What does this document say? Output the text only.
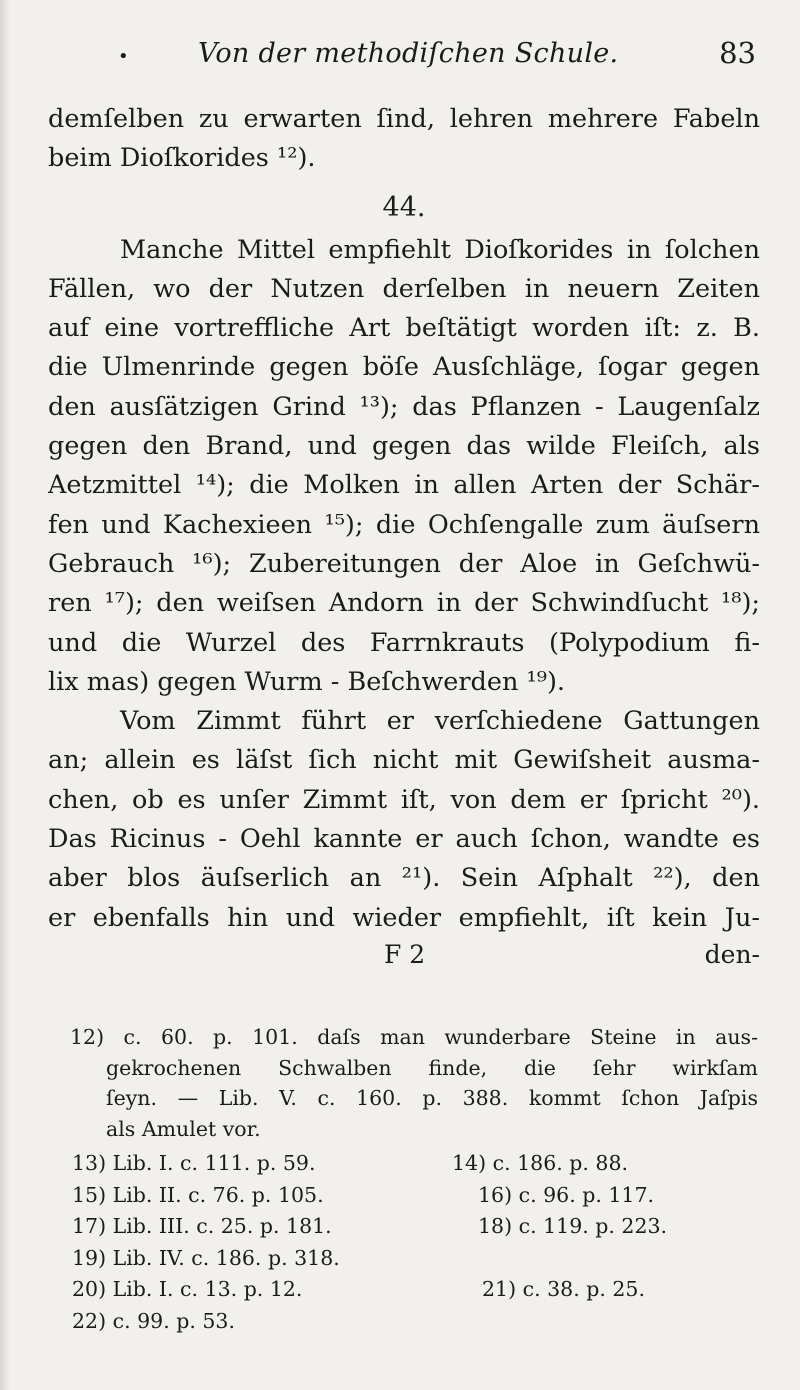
•	Von der methodiſchen Schule.	83
demſelben zu erwarten ſind, lehren mehrere Fabeln
beim Dioſkorides ¹²).
44.
Manche Mittel empfiehlt Dioſkorides in ſolchen
Fällen, wo der Nutzen derſelben in neuern Zeiten
auf eine vortreffliche Art beſtätigt worden iſt: z. B.
die Ulmenrinde gegen böſe Ausſchläge, ſogar gegen
den ausſätzigen Grind ¹³); das Pflanzen - Laugenſalz
gegen den Brand, und gegen das wilde Fleiſch, als
Aetzmittel ¹⁴); die Molken in allen Arten der Schär-
fen und Kachexieen ¹⁵); die Ochſengalle zum äuſsern
Gebrauch ¹⁶); Zubereitungen der Aloe in Geſchwü-
ren ¹⁷); den weiſsen Andorn in der Schwindſucht ¹⁸);
und die Wurzel des Farrnkrauts (Polypodium fi-
lix mas) gegen Wurm - Beſchwerden ¹⁹).
Vom Zimmt führt er verſchiedene Gattungen
an; allein es läſst ſich nicht mit Gewiſsheit ausma-
chen, ob es unſer Zimmt iſt, von dem er ſpricht ²⁰).
Das Ricinus - Oehl kannte er auch ſchon, wandte es
aber blos äuſserlich an ²¹). Sein Aſphalt ²²), den
er ebenfalls hin und wieder empfiehlt, iſt kein Ju-
F 2	den-
12) c. 60. p. 101. daſs man wunderbare Steine in aus-
gekrochenen Schwalben finde, die ſehr wirkſam
ſeyn. — Lib. V. c. 160. p. 388. kommt ſchon Jaſpis
als Amulet vor.
13) Lib. I. c. 111. p. 59.	14) c. 186. p. 88.
15) Lib. II. c. 76. p. 105.	16) c. 96. p. 117.
17) Lib. III. c. 25. p. 181.	18) c. 119. p. 223.
19) Lib. IV. c. 186. p. 318.
20) Lib. I. c. 13. p. 12.	21) c. 38. p. 25.
22) c. 99. p. 53.
